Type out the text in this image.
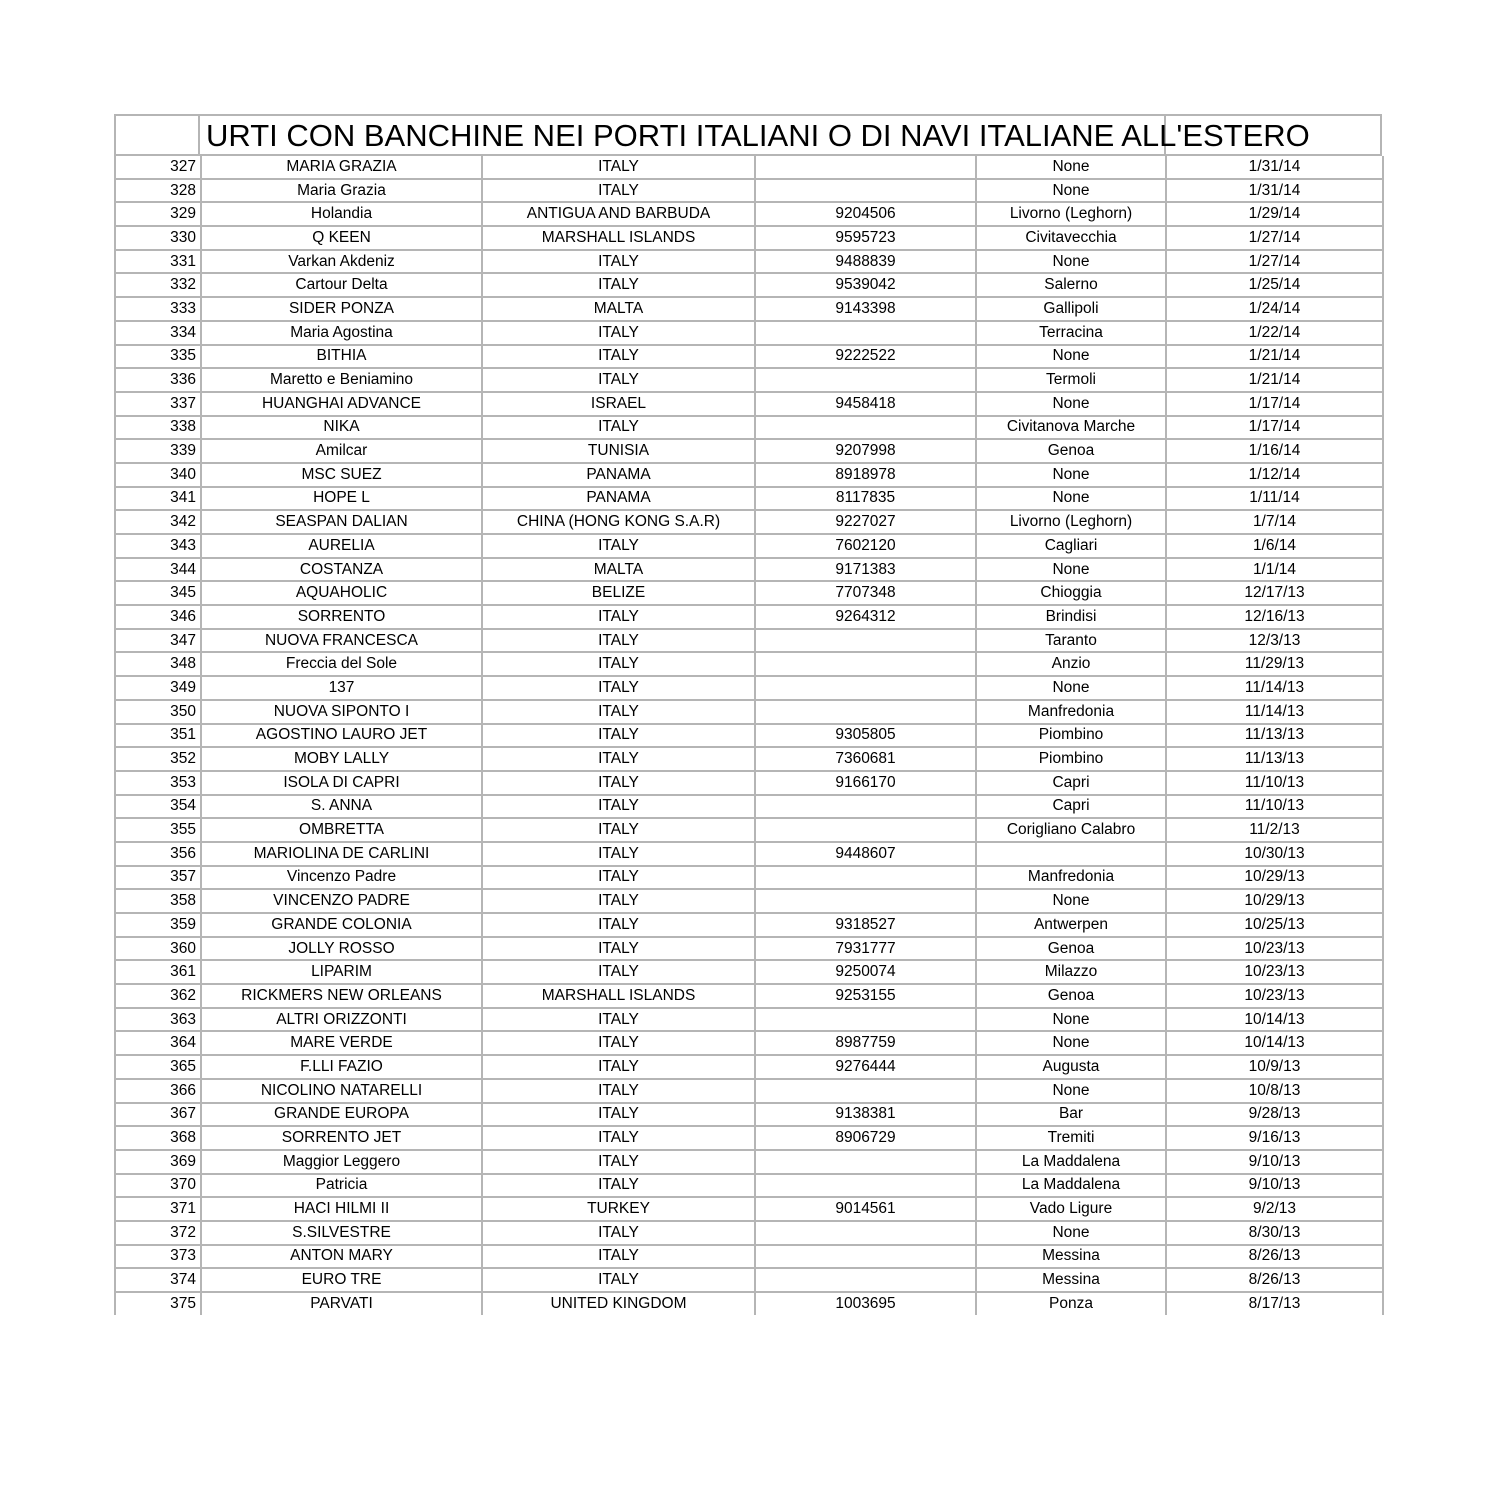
URTI CON BANCHINE NEI PORTI ITALIANI O DI NAVI ITALIANE ALL'ESTERO
327	MARIA GRAZIA	ITALY		None	1/31/14
328	Maria Grazia	ITALY		None	1/31/14
329	Holandia	ANTIGUA AND BARBUDA	9204506	Livorno (Leghorn)	1/29/14
330	Q KEEN	MARSHALL ISLANDS	9595723	Civitavecchia	1/27/14
331	Varkan Akdeniz	ITALY	9488839	None	1/27/14
332	Cartour Delta	ITALY	9539042	Salerno	1/25/14
333	SIDER PONZA	MALTA	9143398	Gallipoli	1/24/14
334	Maria Agostina	ITALY		Terracina	1/22/14
335	BITHIA	ITALY	9222522	None	1/21/14
336	Maretto e Beniamino	ITALY		Termoli	1/21/14
337	HUANGHAI ADVANCE	ISRAEL	9458418	None	1/17/14
338	NIKA	ITALY		Civitanova Marche	1/17/14
339	Amilcar	TUNISIA	9207998	Genoa	1/16/14
340	MSC SUEZ	PANAMA	8918978	None	1/12/14
341	HOPE L	PANAMA	8117835	None	1/11/14
342	SEASPAN DALIAN	CHINA (HONG KONG S.A.R)	9227027	Livorno (Leghorn)	1/7/14
343	AURELIA	ITALY	7602120	Cagliari	1/6/14
344	COSTANZA	MALTA	9171383	None	1/1/14
345	AQUAHOLIC	BELIZE	7707348	Chioggia	12/17/13
346	SORRENTO	ITALY	9264312	Brindisi	12/16/13
347	NUOVA FRANCESCA	ITALY		Taranto	12/3/13
348	Freccia del Sole	ITALY		Anzio	11/29/13
349	137	ITALY		None	11/14/13
350	NUOVA SIPONTO I	ITALY		Manfredonia	11/14/13
351	AGOSTINO LAURO JET	ITALY	9305805	Piombino	11/13/13
352	MOBY LALLY	ITALY	7360681	Piombino	11/13/13
353	ISOLA DI CAPRI	ITALY	9166170	Capri	11/10/13
354	S. ANNA	ITALY		Capri	11/10/13
355	OMBRETTA	ITALY		Corigliano Calabro	11/2/13
356	MARIOLINA DE CARLINI	ITALY	9448607		10/30/13
357	Vincenzo Padre	ITALY		Manfredonia	10/29/13
358	VINCENZO PADRE	ITALY		None	10/29/13
359	GRANDE COLONIA	ITALY	9318527	Antwerpen	10/25/13
360	JOLLY ROSSO	ITALY	7931777	Genoa	10/23/13
361	LIPARIM	ITALY	9250074	Milazzo	10/23/13
362	RICKMERS NEW ORLEANS	MARSHALL ISLANDS	9253155	Genoa	10/23/13
363	ALTRI ORIZZONTI	ITALY		None	10/14/13
364	MARE VERDE	ITALY	8987759	None	10/14/13
365	F.LLI FAZIO	ITALY	9276444	Augusta	10/9/13
366	NICOLINO NATARELLI	ITALY		None	10/8/13
367	GRANDE EUROPA	ITALY	9138381	Bar	9/28/13
368	SORRENTO JET	ITALY	8906729	Tremiti	9/16/13
369	Maggior Leggero	ITALY		La Maddalena	9/10/13
370	Patricia	ITALY		La Maddalena	9/10/13
371	HACI HILMI II	TURKEY	9014561	Vado Ligure	9/2/13
372	S.SILVESTRE	ITALY		None	8/30/13
373	ANTON MARY	ITALY		Messina	8/26/13
374	EURO TRE	ITALY		Messina	8/26/13
375	PARVATI	UNITED KINGDOM	1003695	Ponza	8/17/13
